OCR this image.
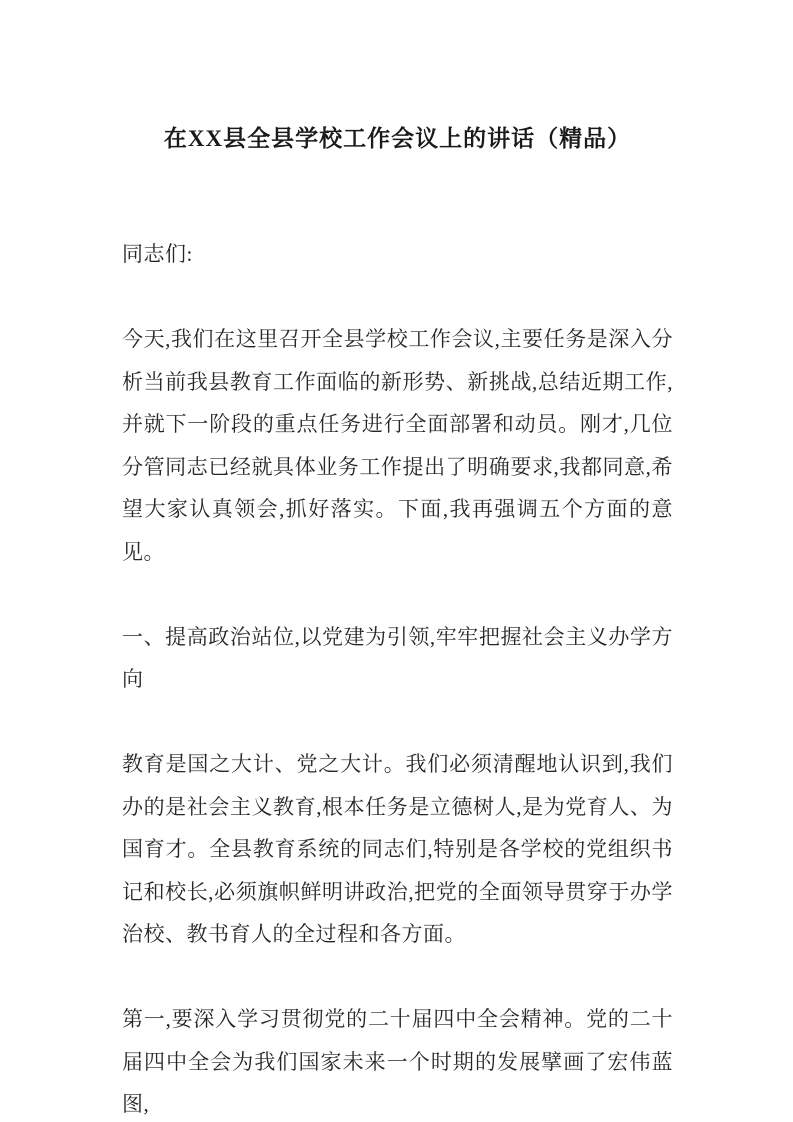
在XX县全县学校工作会议上的讲话（精品）

同志们:

今天,我们在这里召开全县学校工作会议,主要任务是深入分析当前我县教育工作面临的新形势、新挑战,总结近期工作,并就下一阶段的重点任务进行全面部署和动员。刚才,几位分管同志已经就具体业务工作提出了明确要求,我都同意,希望大家认真领会,抓好落实。下面,我再强调五个方面的意见。

一、提高政治站位,以党建为引领,牢牢把握社会主义办学方向

教育是国之大计、党之大计。我们必须清醒地认识到,我们办的是社会主义教育,根本任务是立德树人,是为党育人、为国育才。全县教育系统的同志们,特别是各学校的党组织书记和校长,必须旗帜鲜明讲政治,把党的全面领导贯穿于办学治校、教书育人的全过程和各方面。

第一,要深入学习贯彻党的二十届四中全会精神。党的二十届四中全会为我们国家未来一个时期的发展擘画了宏伟蓝图,
